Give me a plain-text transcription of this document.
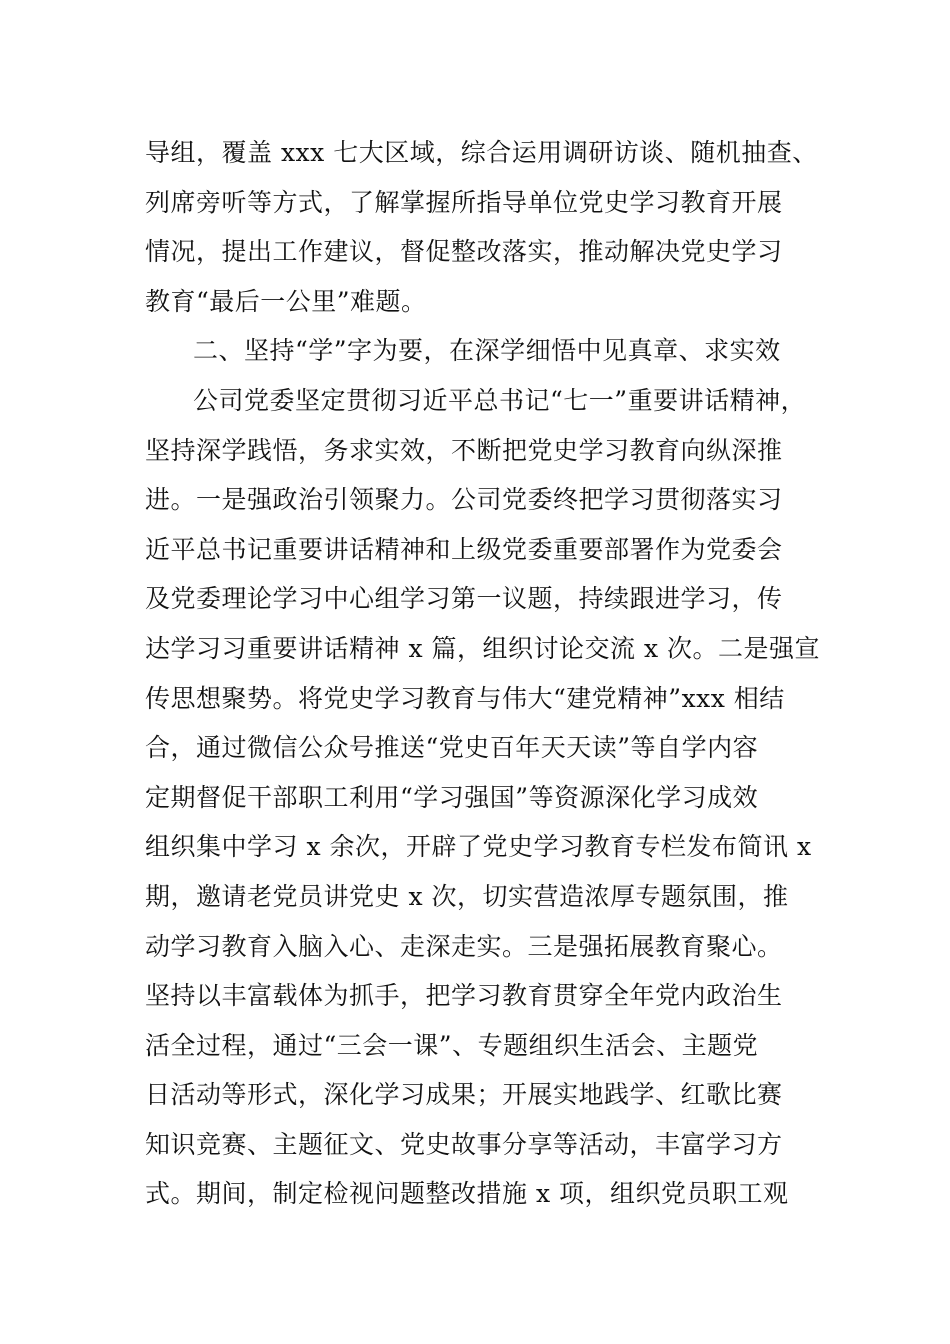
导组，覆盖 xxx 七大区域，综合运用调研访谈、随机抽查、
列席旁听等方式，了解掌握所指导单位党史学习教育开展
情况，提出工作建议，督促整改落实，推动解决党史学习
教育“最后一公里”难题。
二、坚持“学”字为要，在深学细悟中见真章、求实效
公司党委坚定贯彻习近平总书记“七一”重要讲话精神，
坚持深学践悟，务求实效，不断把党史学习教育向纵深推
进。一是强政治引领聚力。公司党委终把学习贯彻落实习
近平总书记重要讲话精神和上级党委重要部署作为党委会
及党委理论学习中心组学习第一议题，持续跟进学习，传
达学习习重要讲话精神 x 篇，组织讨论交流 x 次。二是强宣
传思想聚势。将党史学习教育与伟大“建党精神”xxx 相结
合，通过微信公众号推送“党史百年天天读”等自学内容
定期督促干部职工利用“学习强国”等资源深化学习成效
组织集中学习 x 余次，开辟了党史学习教育专栏发布简讯 x
期，邀请老党员讲党史 x 次，切实营造浓厚专题氛围，推
动学习教育入脑入心、走深走实。三是强拓展教育聚心。
坚持以丰富载体为抓手，把学习教育贯穿全年党内政治生
活全过程，通过“三会一课”、专题组织生活会、主题党
日活动等形式，深化学习成果；开展实地践学、红歌比赛
知识竞赛、主题征文、党史故事分享等活动，丰富学习方
式。期间，制定检视问题整改措施 x 项，组织党员职工观
